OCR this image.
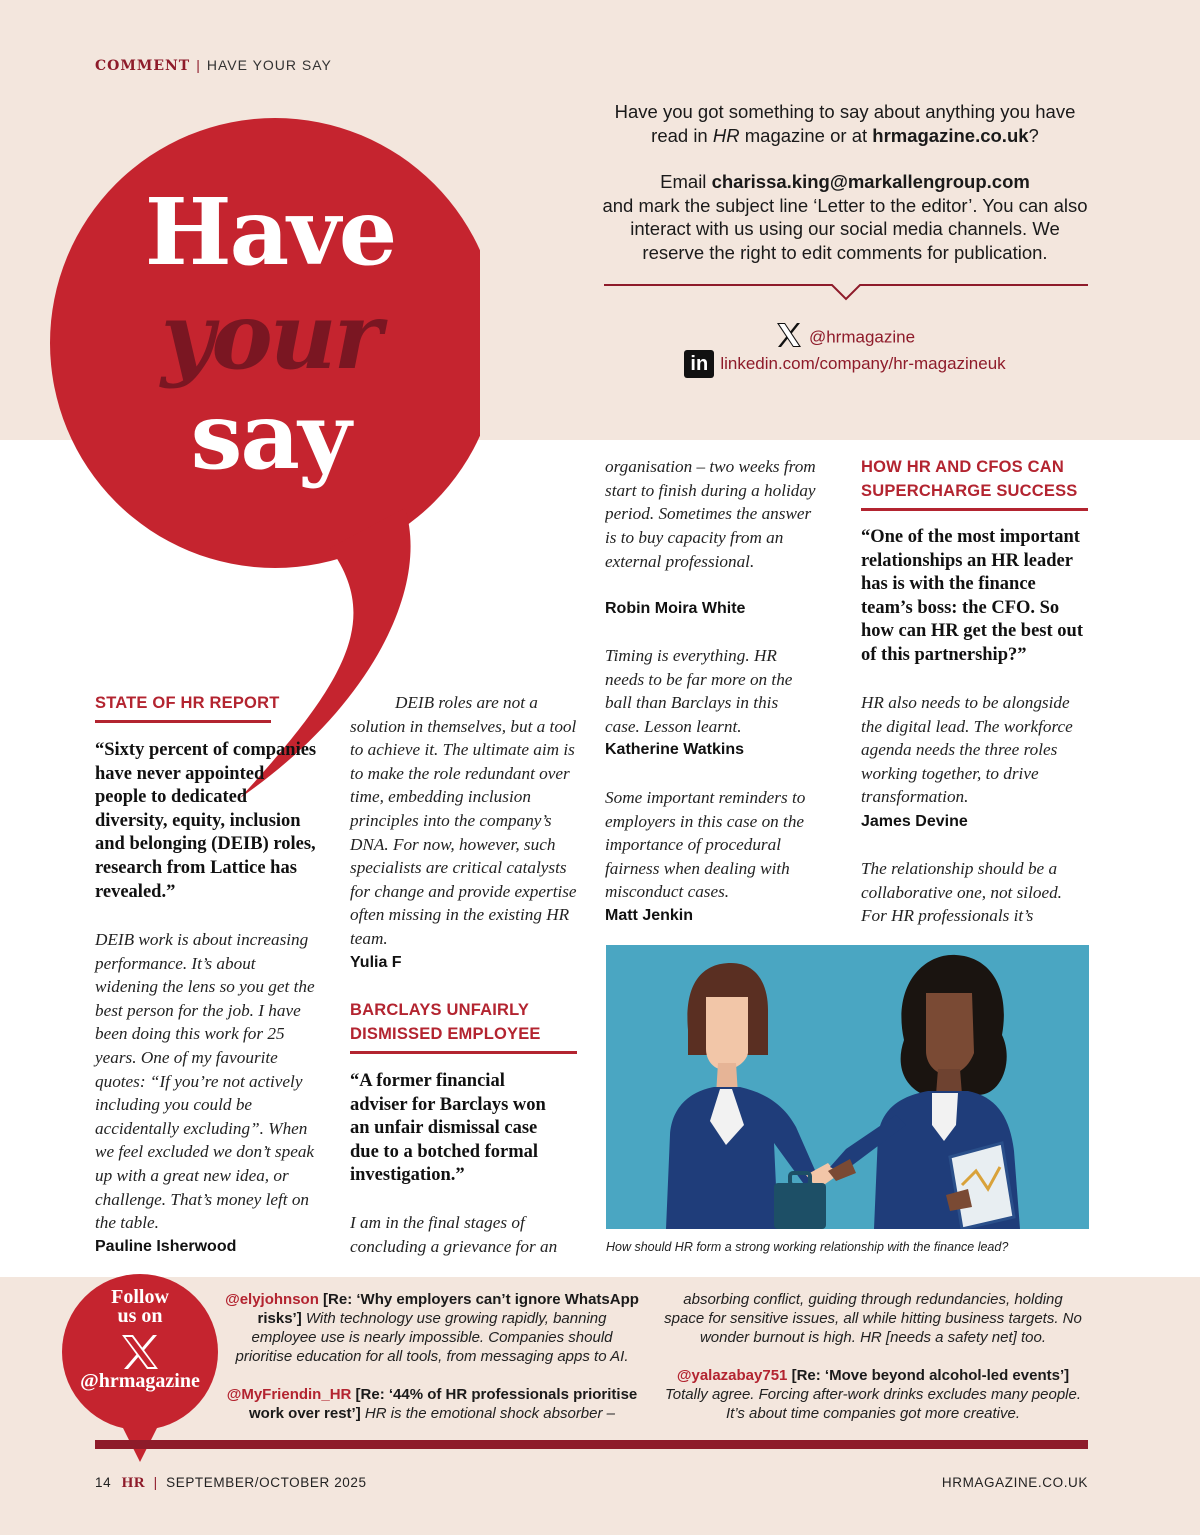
COMMENT | HAVE YOUR SAY
Have
your
say

Have you got something to say about anything you have read in HR magazine or at hrmagazine.co.uk?

Email charissa.king@markallengroup.com
and mark the subject line ‘Letter to the editor’. You can also interact with us using our social media channels. We reserve the right to edit comments for publication.

@hrmagazine
in linkedin.com/company/hr-magazineuk
STATE OF HR REPORT
“Sixty percent of companies have never appointed people to dedicated diversity, equity, inclusion and belonging (DEIB) roles, research from Lattice has revealed.”
DEIB work is about increasing performance. It’s about widening the lens so you get the best person for the job. I have been doing this work for 25 years. One of my favourite quotes: “If you’re not actively including you could be accidentally excluding”. When we feel excluded we don’t speak up with a great new idea, or challenge. That’s money left on the table.
Pauline Isherwood
DEIB roles are not a solution in themselves, but a tool to achieve it. The ultimate aim is to make the role redundant over time, embedding inclusion principles into the company’s DNA. For now, however, such specialists are critical catalysts for change and provide expertise often missing in the existing HR team.
Yulia F
BARCLAYS UNFAIRLY
DISMISSED EMPLOYEE
“A former financial adviser for Barclays won an unfair dismissal case due to a botched formal investigation.”
I am in the final stages of concluding a grievance for an
organisation – two weeks from start to finish during a holiday period. Sometimes the answer is to buy capacity from an external professional.
Robin Moira White
Timing is everything. HR needs to be far more on the ball than Barclays in this case. Lesson learnt.
Katherine Watkins
Some important reminders to employers in this case on the importance of procedural fairness when dealing with misconduct cases.
Matt Jenkin
HOW HR AND CFOS CAN
SUPERCHARGE SUCCESS
“One of the most important relationships an HR leader has is with the finance team’s boss: the CFO. So how can HR get the best out of this partnership?”
HR also needs to be alongside the digital lead. The workforce agenda needs the three roles working together, to drive transformation.
James Devine
The relationship should be a collaborative one, not siloed. For HR professionals it’s
How should HR form a strong working relationship with the finance lead?
Follow
us on
@hrmagazine
@elyjohnson [Re: ‘Why employers can’t ignore WhatsApp risks’] With technology use growing rapidly, banning employee use is nearly impossible. Companies should prioritise education for all tools, from messaging apps to AI.
@MyFriendin_HR [Re: ‘44% of HR professionals prioritise work over rest’] HR is the emotional shock absorber –
absorbing conflict, guiding through redundancies, holding space for sensitive issues, all while hitting business targets. No wonder burnout is high. HR [needs a safety net] too.
@yalazabay751 [Re: ‘Move beyond alcohol-led events’] Totally agree. Forcing after-work drinks excludes many people. It’s about time companies got more creative.
14 HR | SEPTEMBER/OCTOBER 2025	HRMAGAZINE.CO.UK
